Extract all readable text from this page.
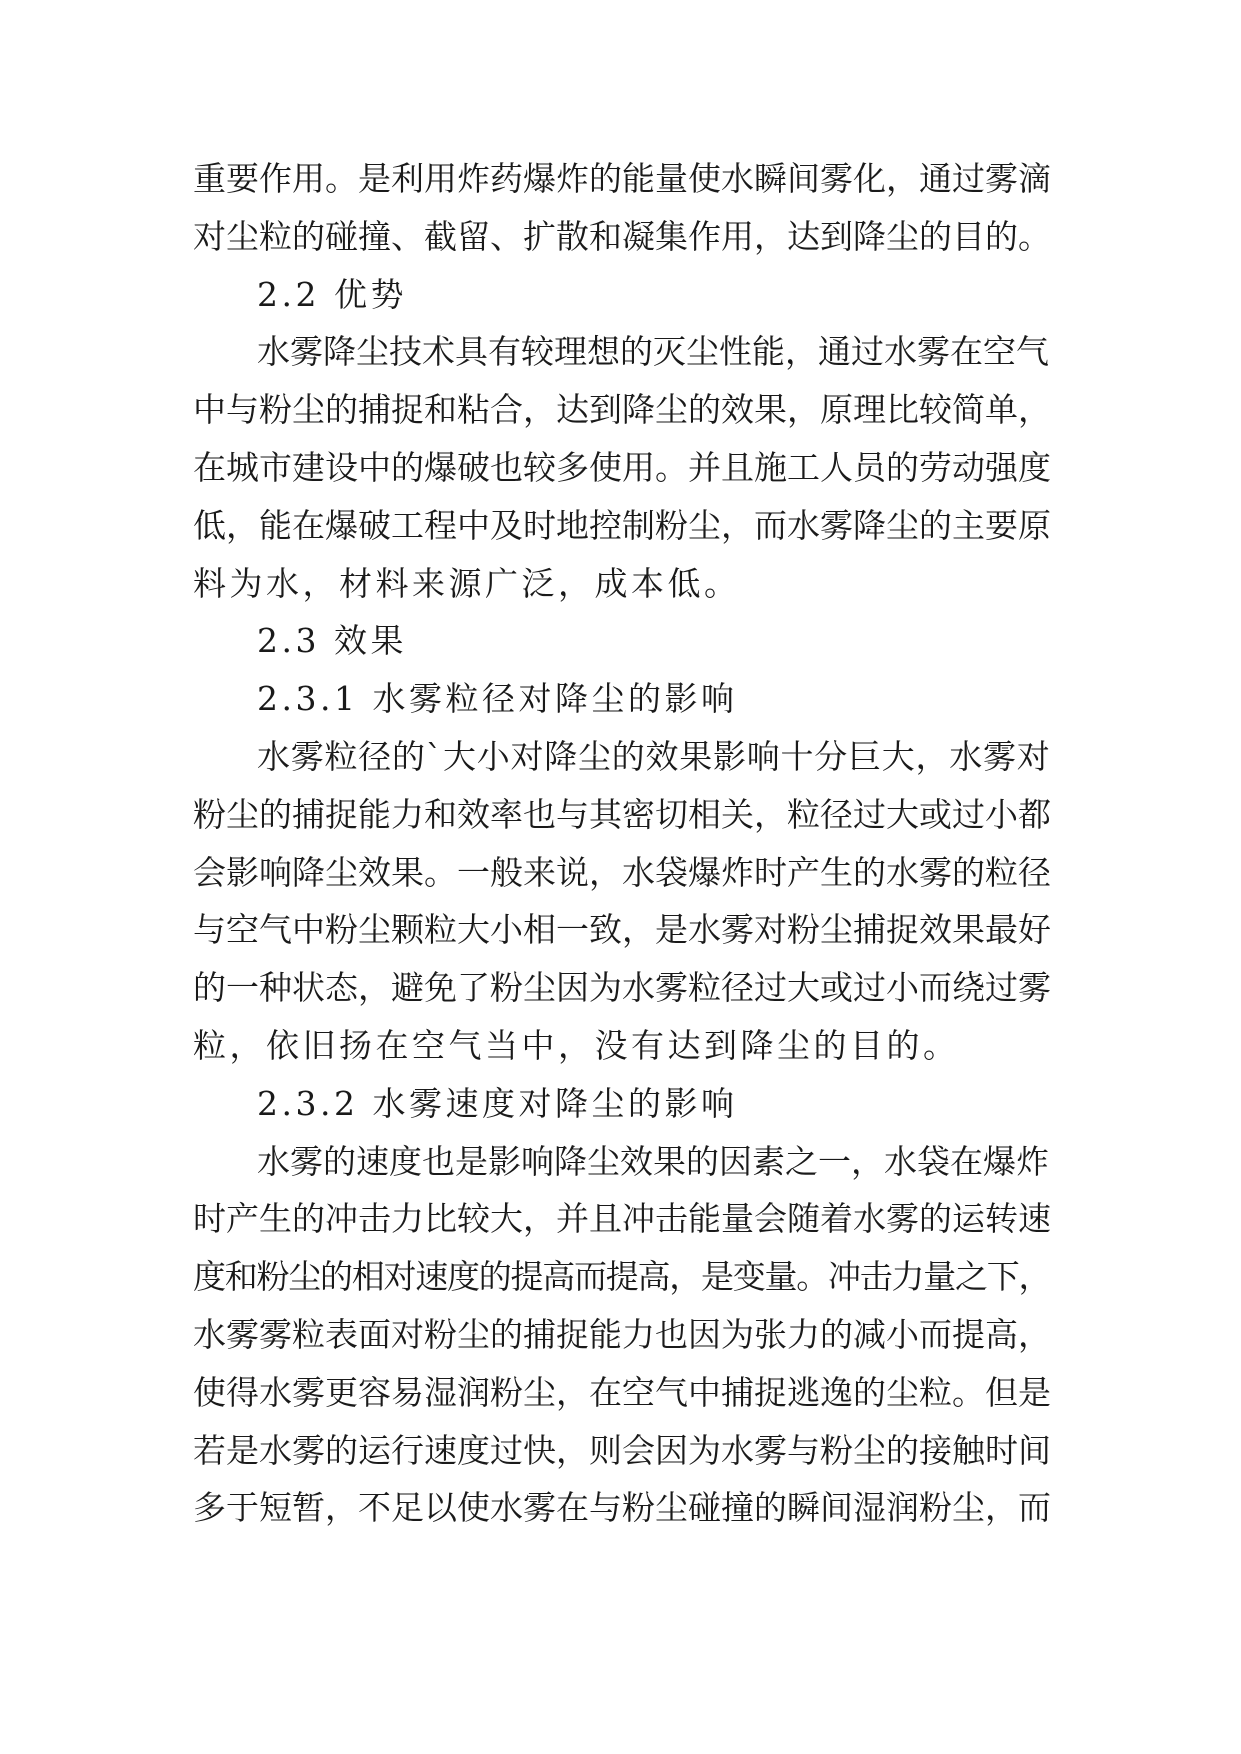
重要作用。是利用炸药爆炸的能量使水瞬间雾化，通过雾滴
对尘粒的碰撞、截留、扩散和凝集作用，达到降尘的目的。
2.2 优势
水雾降尘技术具有较理想的灭尘性能，通过水雾在空气
中与粉尘的捕捉和粘合，达到降尘的效果，原理比较简单，
在城市建设中的爆破也较多使用。并且施工人员的劳动强度
低，能在爆破工程中及时地控制粉尘，而水雾降尘的主要原
料为水，材料来源广泛，成本低。
2.3 效果
2.3.1 水雾粒径对降尘的影响
水雾粒径的`大小对降尘的效果影响十分巨大，水雾对
粉尘的捕捉能力和效率也与其密切相关，粒径过大或过小都
会影响降尘效果。一般来说，水袋爆炸时产生的水雾的粒径
与空气中粉尘颗粒大小相一致，是水雾对粉尘捕捉效果最好
的一种状态，避免了粉尘因为水雾粒径过大或过小而绕过雾
粒，依旧扬在空气当中，没有达到降尘的目的。
2.3.2 水雾速度对降尘的影响
水雾的速度也是影响降尘效果的因素之一，水袋在爆炸
时产生的冲击力比较大，并且冲击能量会随着水雾的运转速
度和粉尘的相对速度的提高而提高，是变量。冲击力量之下，
水雾雾粒表面对粉尘的捕捉能力也因为张力的减小而提高，
使得水雾更容易湿润粉尘，在空气中捕捉逃逸的尘粒。但是
若是水雾的运行速度过快，则会因为水雾与粉尘的接触时间
多于短暂，不足以使水雾在与粉尘碰撞的瞬间湿润粉尘，而
